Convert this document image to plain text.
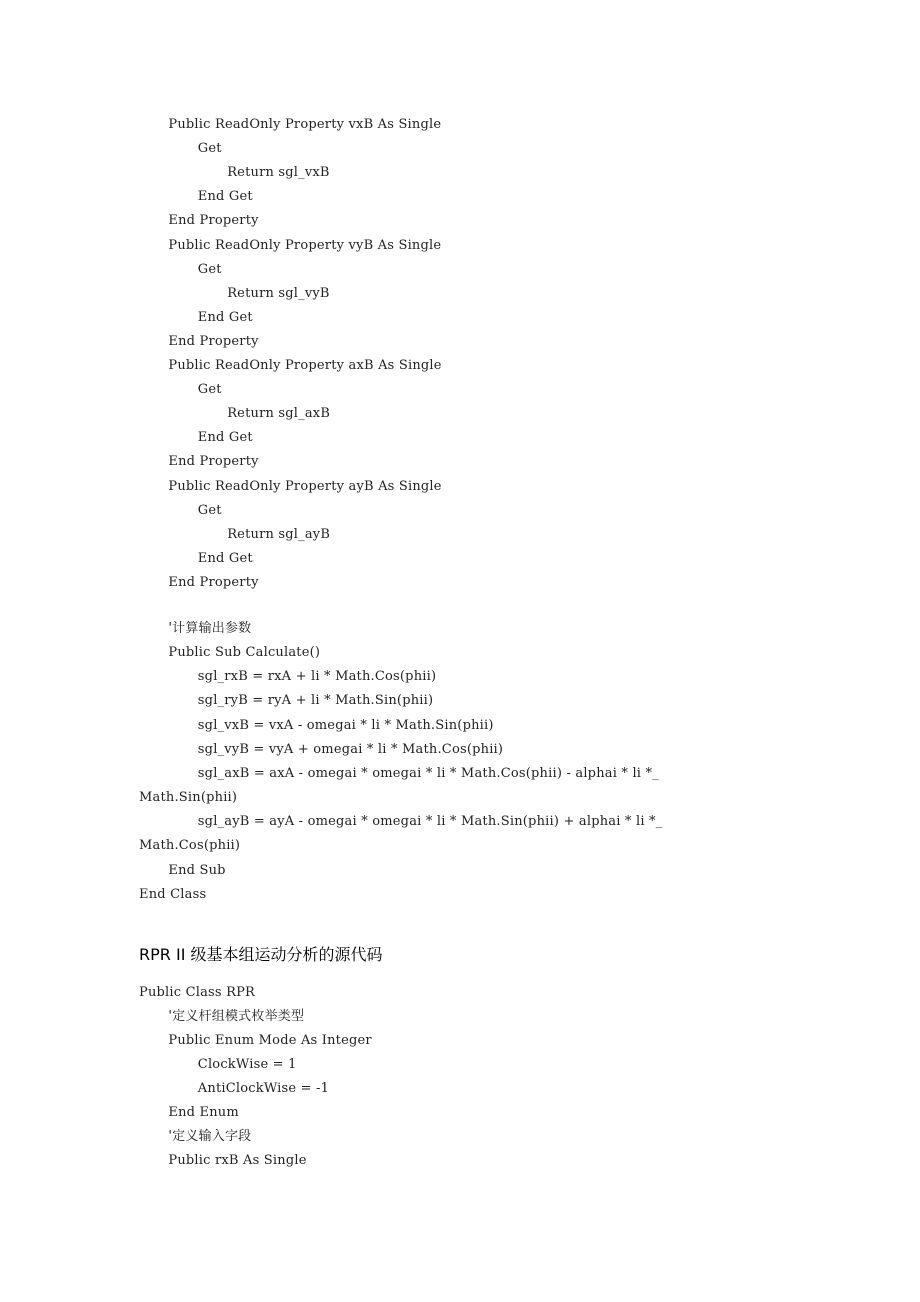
Public ReadOnly Property vxB As Single
Get
Return sgl_vxB
End Get
End Property
Public ReadOnly Property vyB As Single
Get
Return sgl_vyB
End Get
End Property
Public ReadOnly Property axB As Single
Get
Return sgl_axB
End Get
End Property
Public ReadOnly Property ayB As Single
Get
Return sgl_ayB
End Get
End Property
'计算输出参数
Public Sub Calculate()
sgl_rxB = rxA + li * Math.Cos(phii)
sgl_ryB = ryA + li * Math.Sin(phii)
sgl_vxB = vxA - omegai * li * Math.Sin(phii)
sgl_vyB = vyA + omegai * li * Math.Cos(phii)
sgl_axB = axA - omegai * omegai * li * Math.Cos(phii) - alphai * li *_
Math.Sin(phii)
sgl_ayB = ayA - omegai * omegai * li * Math.Sin(phii) + alphai * li *_
Math.Cos(phii)
End Sub
End Class
RPR II 级基本组运动分析的源代码
Public Class RPR
'定义杆组模式枚举类型
Public Enum Mode As Integer
ClockWise = 1
AntiClockWise = -1
End Enum
'定义输入字段
Public rxB As Single
